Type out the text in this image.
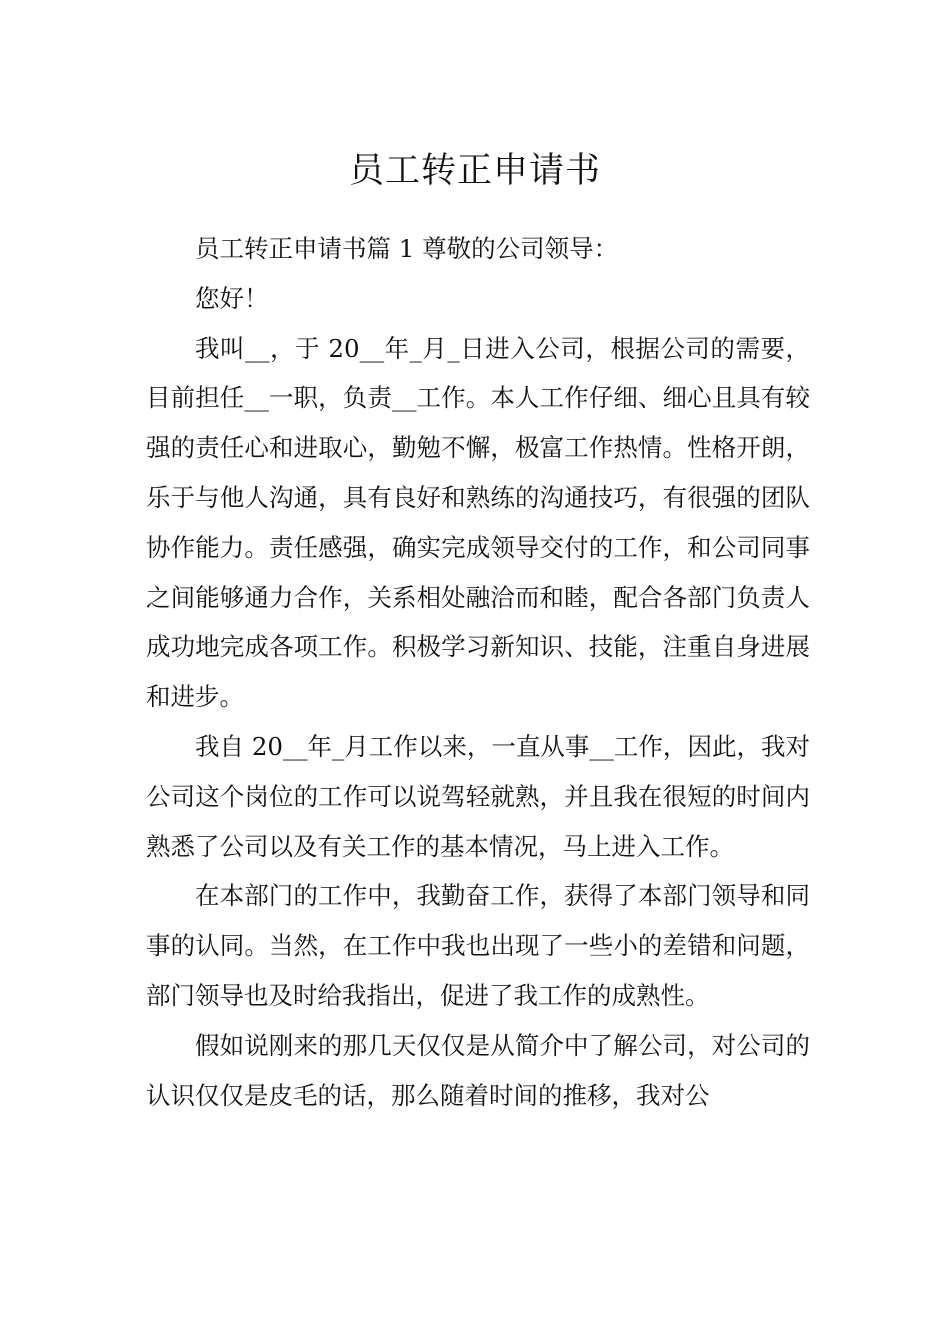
员工转正申请书

员工转正申请书篇 1 尊敬的公司领导：

您好！

我叫__，于 20__年_月_日进入公司，根据公司的需要，目前担任__一职，负责__工作。本人工作仔细、细心且具有较强的责任心和进取心，勤勉不懈，极富工作热情。性格开朗，乐于与他人沟通，具有良好和熟练的沟通技巧，有很强的团队协作能力。责任感强，确实完成领导交付的工作，和公司同事之间能够通力合作，关系相处融洽而和睦，配合各部门负责人成功地完成各项工作。积极学习新知识、技能，注重自身进展和进步。

我自 20__年_月工作以来，一直从事__工作，因此，我对公司这个岗位的工作可以说驾轻就熟，并且我在很短的时间内熟悉了公司以及有关工作的基本情况，马上进入工作。

在本部门的工作中，我勤奋工作，获得了本部门领导和同事的认同。当然，在工作中我也出现了一些小的差错和问题，部门领导也及时给我指出，促进了我工作的成熟性。

假如说刚来的那几天仅仅是从简介中了解公司，对公司的认识仅仅是皮毛的话，那么随着时间的推移，我对公
